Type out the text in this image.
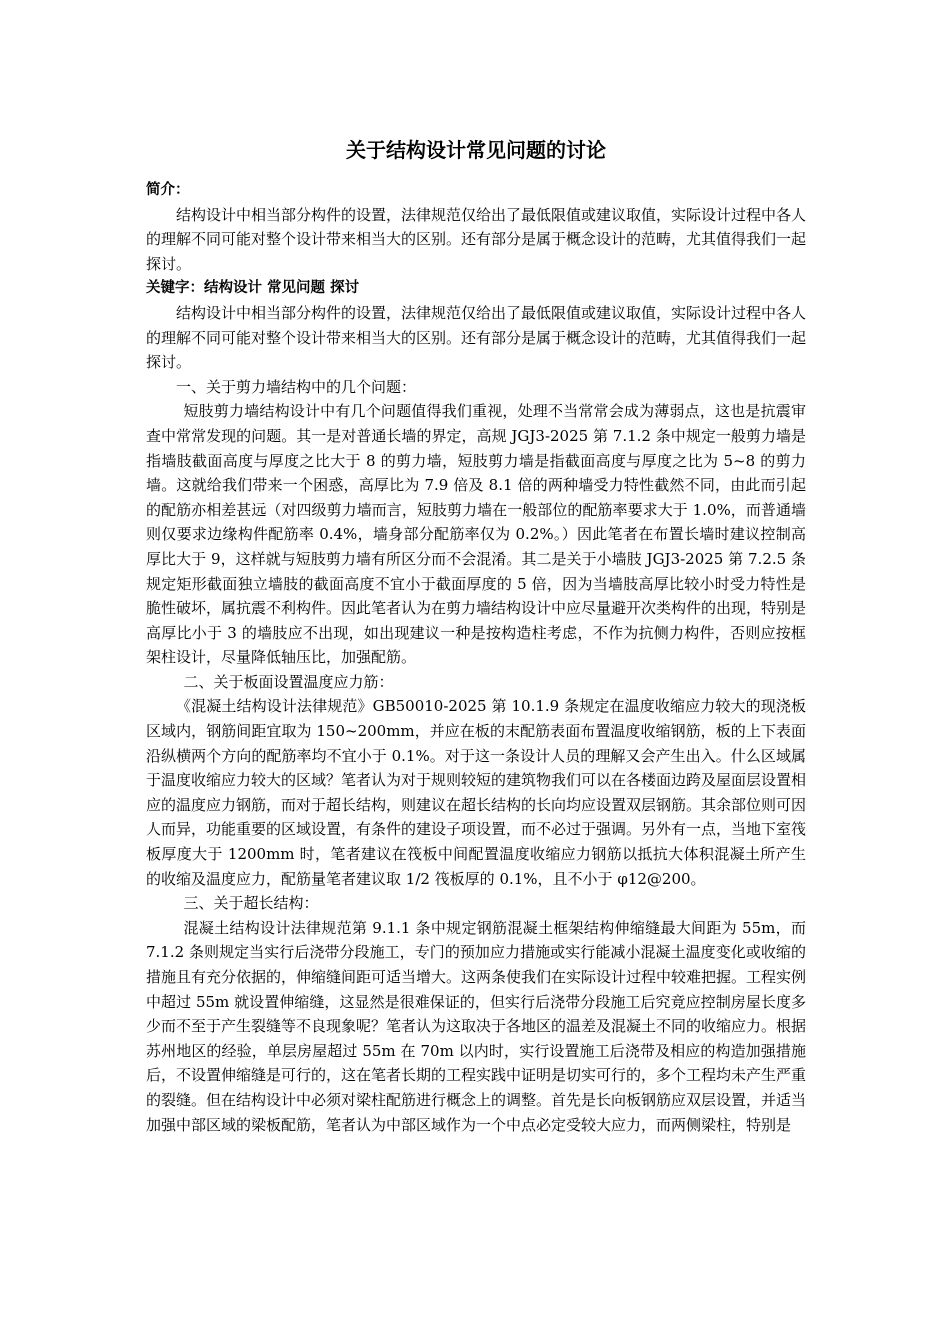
关于结构设计常见问题的讨论
简介：

结构设计中相当部分构件的设置，法律规范仅给出了最低限值或建议取值，实际设计过程中各人的理解不同可能对整个设计带来相当大的区别。还有部分是属于概念设计的范畴，尤其值得我们一起探讨。

关键字：结构设计 常见问题 探讨

结构设计中相当部分构件的设置，法律规范仅给出了最低限值或建议取值，实际设计过程中各人的理解不同可能对整个设计带来相当大的区别。还有部分是属于概念设计的范畴，尤其值得我们一起探讨。

一、关于剪力墙结构中的几个问题：

短肢剪力墙结构设计中有几个问题值得我们重视，处理不当常常会成为薄弱点，这也是抗震审查中常常发现的问题。其一是对普通长墙的界定，高规 JGJ3-2025 第 7.1.2 条中规定一般剪力墙是指墙肢截面高度与厚度之比大于 8 的剪力墙，短肢剪力墙是指截面高度与厚度之比为 5~8 的剪力墙。这就给我们带来一个困惑，高厚比为 7.9 倍及 8.1 倍的两种墙受力特性截然不同，由此而引起的配筋亦相差甚远（对四级剪力墙而言，短肢剪力墙在一般部位的配筋率要求大于 1.0%，而普通墙则仅要求边缘构件配筋率 0.4%，墙身部分配筋率仅为 0.2%。）因此笔者在布置长墙时建议控制高厚比大于 9，这样就与短肢剪力墙有所区分而不会混淆。其二是关于小墙肢 JGJ3-2025 第 7.2.5 条规定矩形截面独立墙肢的截面高度不宜小于截面厚度的 5 倍，因为当墙肢高厚比较小时受力特性是脆性破坏，属抗震不利构件。因此笔者认为在剪力墙结构设计中应尽量避开次类构件的出现，特别是高厚比小于 3 的墙肢应不出现，如出现建议一种是按构造柱考虑，不作为抗侧力构件，否则应按框架柱设计，尽量降低轴压比，加强配筋。

二、关于板面设置温度应力筋：

《混凝土结构设计法律规范》GB50010-2025 第 10.1.9 条规定在温度收缩应力较大的现浇板区域内，钢筋间距宜取为 150~200mm，并应在板的末配筋表面布置温度收缩钢筋，板的上下表面沿纵横两个方向的配筋率均不宜小于 0.1%。对于这一条设计人员的理解又会产生出入。什么区域属于温度收缩应力较大的区域？笔者认为对于规则较短的建筑物我们可以在各楼面边跨及屋面层设置相应的温度应力钢筋，而对于超长结构，则建议在超长结构的长向均应设置双层钢筋。其余部位则可因人而异，功能重要的区域设置，有条件的建设子项设置，而不必过于强调。另外有一点，当地下室筏板厚度大于 1200mm 时，笔者建议在筏板中间配置温度收缩应力钢筋以抵抗大体积混凝土所产生的收缩及温度应力，配筋量笔者建议取 1/2 筏板厚的 0.1%，且不小于 φ12@200。

三、关于超长结构：

混凝土结构设计法律规范第 9.1.1 条中规定钢筋混凝土框架结构伸缩缝最大间距为 55m，而 7.1.2 条则规定当实行后浇带分段施工，专门的预加应力措施或实行能减小混凝土温度变化或收缩的措施且有充分依据的，伸缩缝间距可适当增大。这两条使我们在实际设计过程中较难把握。工程实例中超过 55m 就设置伸缩缝，这显然是很难保证的，但实行后浇带分段施工后究竟应控制房屋长度多少而不至于产生裂缝等不良现象呢？笔者认为这取决于各地区的温差及混凝土不同的收缩应力。根据苏州地区的经验，单层房屋超过 55m 在 70m 以内时，实行设置施工后浇带及相应的构造加强措施后，不设置伸缩缝是可行的，这在笔者长期的工程实践中证明是切实可行的，多个工程均未产生严重的裂缝。但在结构设计中必须对梁柱配筋进行概念上的调整。首先是长向板钢筋应双层设置，并适当加强中部区域的梁板配筋，笔者认为中部区域作为一个中点必定受较大应力，而两侧梁柱，特别是
